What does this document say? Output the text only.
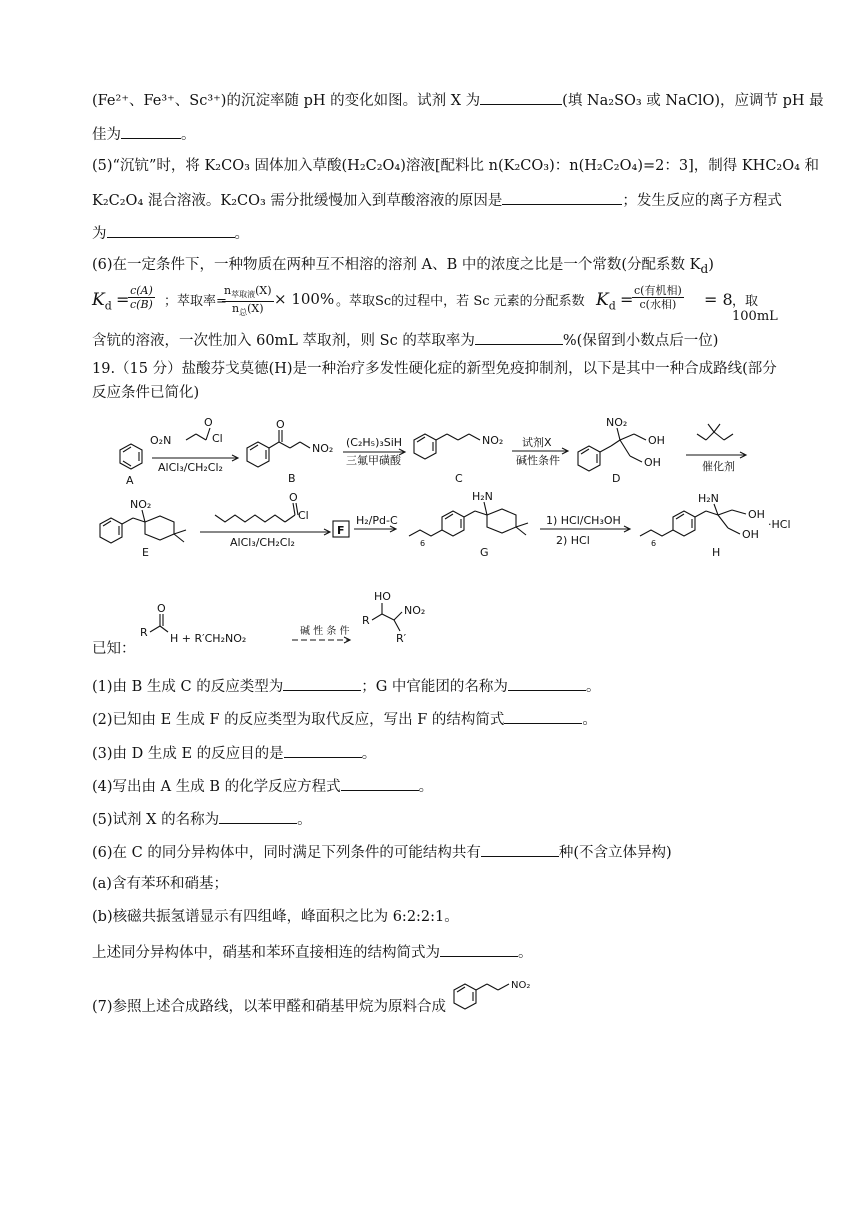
(Fe²⁺、Fe³⁺、Sc³⁺)的沉淀率随 pH 的变化如图。试剂 X 为	(填 Na₂SO₃ 或 NaClO)，应调节 pH 最
佳为	。
(5)“沉钪”时，将 K₂CO₃ 固体加入草酸(H₂C₂O₄)溶液[配料比 n(K₂CO₃)：n(H₂C₂O₄)=2：3]，制得 KHC₂O₄ 和
K₂C₂O₄ 混合溶液。K₂CO₃ 需分批缓慢加入到草酸溶液的原因是	；发生反应的离子方程式
为	。
(6)在一定条件下，一种物质在两种互不相溶的溶剂 A、B 中的浓度之比是一个常数(分配系数 $K_d$)
$K_d$ =
$\frac{c(A)}{c(B)}$ ；萃取率=
$n_{萃取液}(X)$
$n_总(X)$
× 100% 。萃取Sc的过程中，若 Sc 元素的分配系数 $K_d = c$(有机相)
c(水相)	= 8 ，取 100mL
含钪的溶液，一次性加入 60mL 萃取剂，则 Sc 的萃取率为	%(保留到小数点后一位)
19.（15 分）盐酸芬戈莫德(H)是一种治疗多发性硬化症的新型免疫抑制剂，以下是其中一种合成路线(部分
反应条件已简化)
A	B	C	D
E	G	H
O₂N
O
Cl
AlCl₃/CH₂Cl₂
O
NO₂ (C₂H₅)₃SiH
三氟甲磺酸
NO₂ 试剂X
碱性条件
NO₂
OH
OH	催化剂
NO₂
O
Cl
AlCl₃/CH₂Cl₂
F
H₂/Pd-C
6
H₂N
1) HCl/CH₃OH
2) HCl	6
H₂N
OH
OH
·HCl
R
O
H + R′CH₂NO₂
碱 性 条 件
HO
R
NO₂
R′
NO₂
已知：
(1)由 B 生成 C 的反应类型为	；G 中官能团的名称为	。
(2)已知由 E 生成 F 的反应类型为取代反应，写出 F 的结构简式	。
(3)由 D 生成 E 的反应目的是	。
(4)写出由 A 生成 B 的化学反应方程式	。
(5)试剂 X 的名称为	。
(6)在 C 的同分异构体中，同时满足下列条件的可能结构共有	种(不含立体异构)
(a)含有苯环和硝基；
(b)核磁共振氢谱显示有四组峰，峰面积之比为 6:2:2:1。
上述同分异构体中，硝基和苯环直接相连的结构简式为	。
(7)参照上述合成路线，以苯甲醛和硝基甲烷为原料合成
